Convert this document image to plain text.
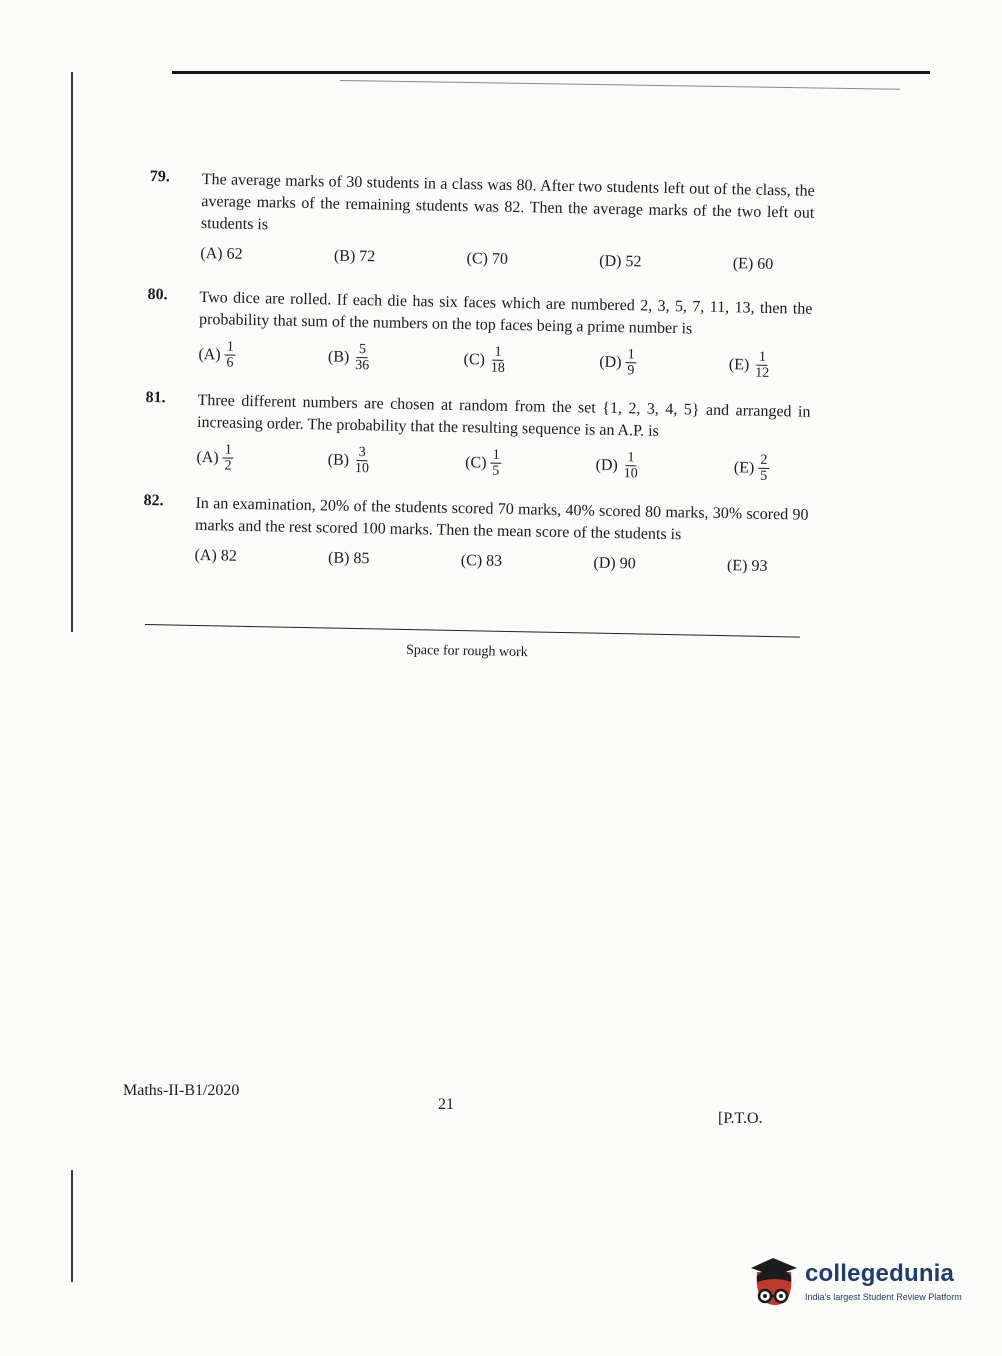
79. The average marks of 30 students in a class was 80. After two students left out of the class, the average marks of the remaining students was 82. Then the average marks of the two left out students is
(A) 62	(B) 72	(C) 70	(D) 52	(E) 60
80. Two dice are rolled. If each die has six faces which are numbered 2, 3, 5, 7, 11, 13, then the probability that sum of the numbers on the top faces being a prime number is
$(A) \frac{1}{6}$	$(B) \frac{5}{36}$	$(C) \frac{1}{18}$	$(D) \frac{1}{9}$	$(E) \frac{1}{12}$
81. Three different numbers are chosen at random from the set {1, 2, 3, 4, 5} and arranged in increasing order. The probability that the resulting sequence is an A.P. is
$(A) \frac{1}{2}$	$(B) \frac{3}{10}$	$(C) \frac{1}{5}$	$(D) \frac{1}{10}$	$(E) \frac{2}{5}$
82. In an examination, 20% of the students scored 70 marks, 40% scored 80 marks, 30% scored 90 marks and the rest scored 100 marks. Then the mean score of the students is
(A) 82	(B) 85	(C) 83	(D) 90	(E) 93
Space for rough work
Maths-II-B1/2020
21
[P.T.O.
collegedunia
India's largest Student Review Platform
